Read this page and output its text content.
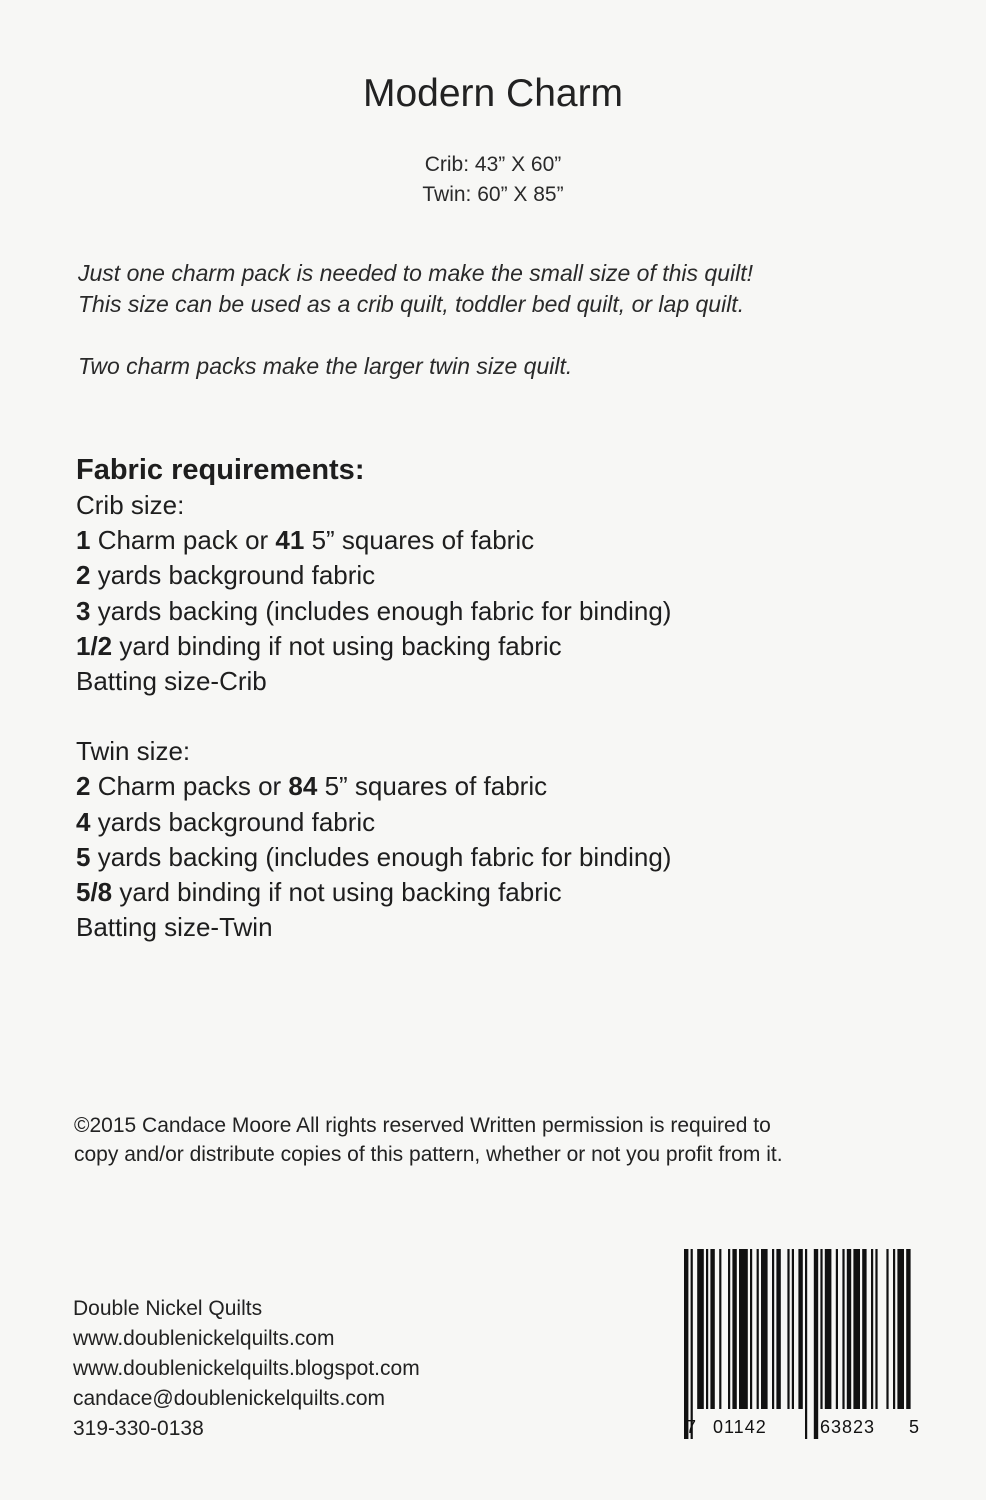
Modern Charm
Crib: 43” X 60”
Twin: 60” X 85”

Just one charm pack is needed to make the small size of this quilt!

This size can be used as a crib quilt, toddler bed quilt, or lap quilt.

Two charm packs make the larger twin size quilt.

Fabric requirements:
Crib size:
1 Charm pack or 41 5” squares of fabric
2 yards background fabric
3 yards backing (includes enough fabric for binding)
1/2 yard binding if not using backing fabric
Batting size-Crib
Twin size:
2 Charm packs or 84 5” squares of fabric
4 yards background fabric
5 yards backing (includes enough fabric for binding)
5/8 yard binding if not using backing fabric
Batting size-Twin
©2015 Candace Moore All rights reserved Written permission is required to
copy and/or distribute copies of this pattern, whether or not you profit from it.
Double Nickel Quilts
www.doublenickelquilts.com
www.doublenickelquilts.blogspot.com
candace@doublenickelquilts.com
319-330-0138	7 01142	63823 5
